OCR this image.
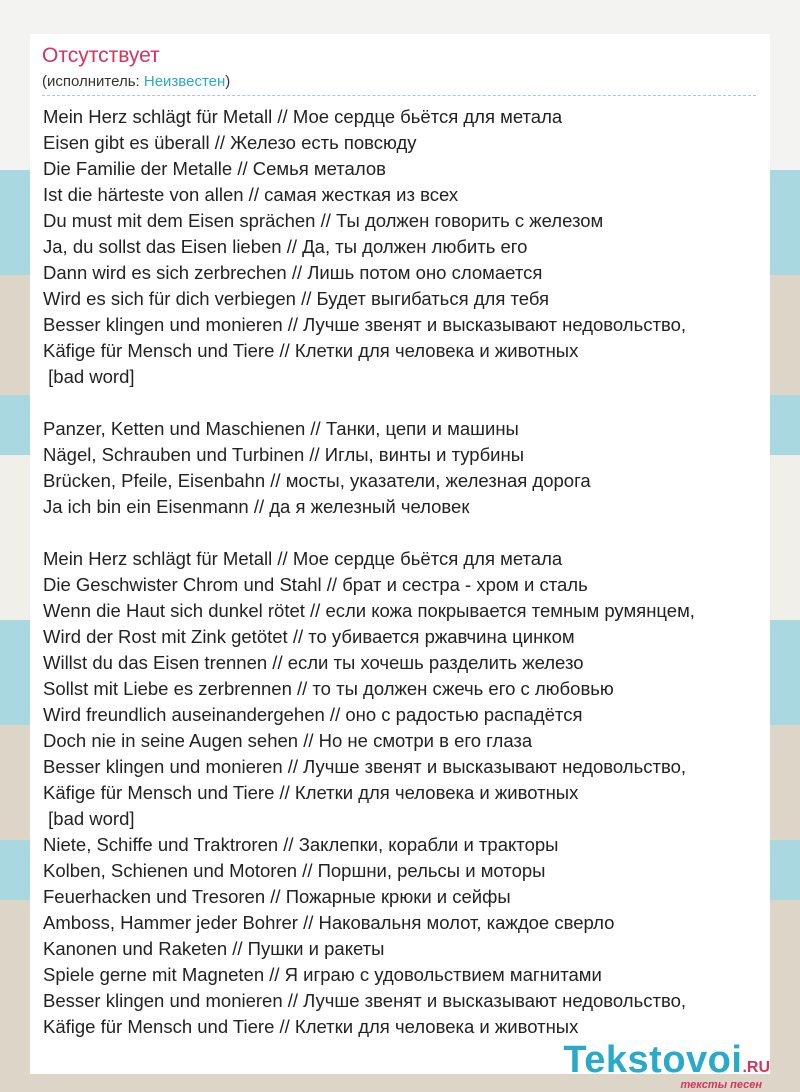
Отсутствует
(исполнитель: Неизвестен)
Mein Herz schlägt für Metall // Мое сердце бьётся для метала
Eisen gibt es überall // Железо есть повсюду
Die Familie der Metalle // Семья металов
Ist die härteste von allen // самая жесткая из всех
Du must mit dem Eisen sprächen // Ты должен говорить с железом
Ja, du sollst das Eisen lieben // Да, ты должен любить его
Dann wird es sich zerbrechen // Лишь потом оно сломается
Wird es sich für dich verbiegen // Будет выгибаться для тебя
Besser klingen und monieren // Лучше звенят и высказывают недовольство,
Käfige für Mensch und Tiere // Клетки для человека и животных
[bad word]
Panzer, Ketten und Maschienen // Танки, цепи и машины
Nägel, Schrauben und Turbinen // Иглы, винты и турбины
Brücken, Pfeile, Eisenbahn // мосты, указатели, железная дорога
Ja ich bin ein Eisenmann // да я железный человек
Mein Herz schlägt für Metall // Мое сердце бьётся для метала
Die Geschwister Chrom und Stahl // брат и сестра - хром и сталь
Wenn die Haut sich dunkel rötet // если кожа покрывается темным румянцем,
Wird der Rost mit Zink getötet // то убивается ржавчина цинком
Willst du das Eisen trennen // если ты хочешь разделить железо
Sollst mit Liebe es zerbrennen // то ты должен сжечь его с любовью
Wird freundlich auseinandergehen // оно с радостью распадётся
Doch nie in seine Augen sehen // Но не смотри в его глаза
Besser klingen und monieren // Лучше звенят и высказывают недовольство,
Käfige für Mensch und Tiere // Клетки для человека и животных
[bad word]
Niete, Schiffe und Traktroren // Заклепки, корабли и тракторы
Kolben, Schienen und Motoren // Поршни, рельсы и моторы
Feuerhacken und Tresoren // Пожарные крюки и сейфы
Amboss, Hammer jeder Bohrer // Наковальня молот, каждое сверло
Kanonen und Raketen // Пушки и ракеты
Spiele gerne mit Magneten // Я играю с удовольствием магнитами
Besser klingen und monieren // Лучше звенят и высказывают недовольство,
Käfige für Mensch und Tiere // Клетки для человека и животных
Tekstovoi.RU
тексты песен
